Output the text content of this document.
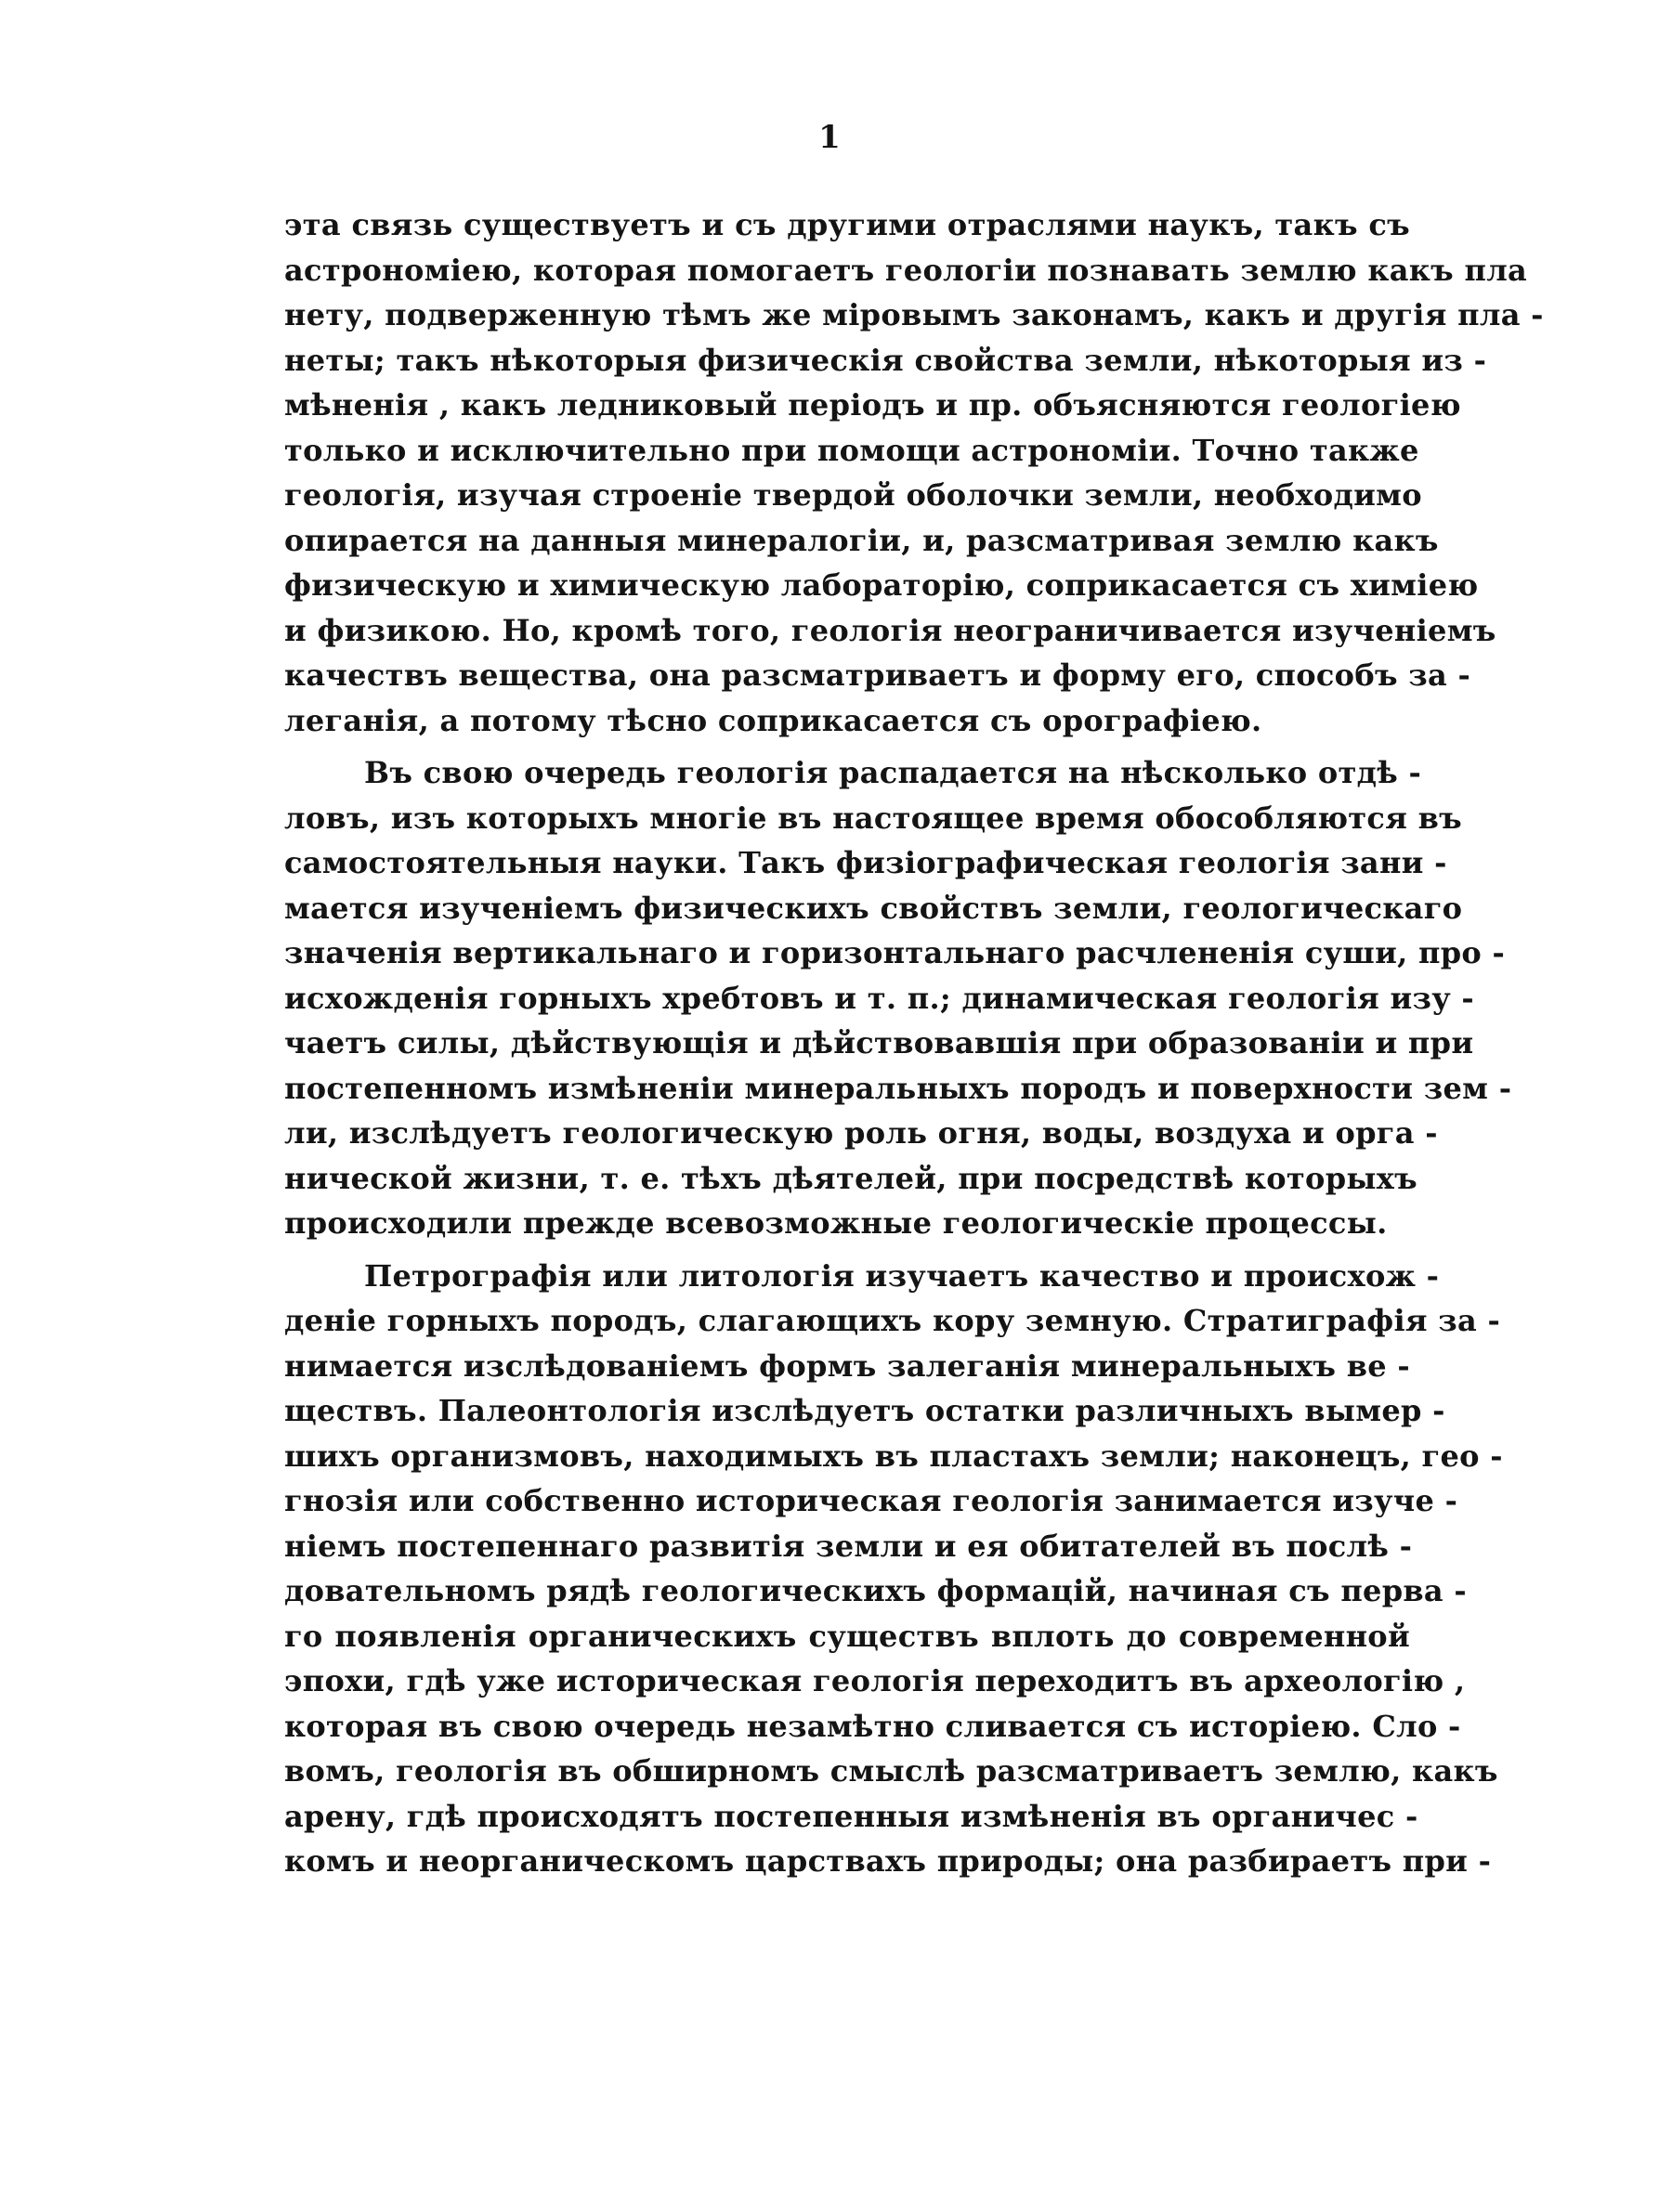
1
эта связь существуетъ и съ другими отраслями наукъ, такъ съ
астрономіею, которая помогаетъ геологіи познавать землю какъ пла
нету, подверженную тѣмъ же міровымъ законамъ, какъ и другія пла -
неты; такъ нѣкоторыя физическія свойства земли, нѣкоторыя из -
мѣненія , какъ ледниковый періодъ и пр. объясняются геологіею
только и исключительно при помощи астрономіи. Точно также
геологія, изучая строеніе твердой оболочки земли, необходимо
опирается на данныя минералогіи, и, разсматривая землю какъ
физическую и химическую лабораторію, соприкасается съ химіею
и физикою. Но, кромѣ того, геологія неограничивается изученіемъ
качествъ вещества, она разсматриваетъ и форму его, способъ за -
леганія, а потому тѣсно соприкасается съ орографіею.
Въ свою очередь геологія распадается на нѣсколько отдѣ -
ловъ, изъ которыхъ многіе въ настоящее время обособляются въ
самостоятельныя науки. Такъ физіографическая геологія зани -
мается изученіемъ физическихъ свойствъ земли, геологическаго
значенія вертикальнаго и горизонтальнаго расчлененія суши, про -
исхожденія горныхъ хребтовъ и т. п.; динамическая геологія изу -
чаетъ силы, дѣйствующія и дѣйствовавшія при образованіи и при
постепенномъ измѣненіи минеральныхъ породъ и поверхности зем -
ли, изслѣдуетъ геологическую роль огня, воды, воздуха и орга -
нической жизни, т. е. тѣхъ дѣятелей, при посредствѣ которыхъ
происходили прежде всевозможные геологическіе процессы.
Петрографія или литологія изучаетъ качество и происхож -
деніе горныхъ породъ, слагающихъ кору земную. Стратиграфія за -
нимается изслѣдованіемъ формъ залеганія минеральныхъ ве -
ществъ. Палеонтологія изслѣдуетъ остатки различныхъ вымер -
шихъ организмовъ, находимыхъ въ пластахъ земли; наконецъ, гео -
гнозія или собственно историческая геологія занимается изуче -
ніемъ постепеннаго развитія земли и ея обитателей въ послѣ -
довательномъ рядѣ геологическихъ формацій, начиная съ перва -
го появленія органическихъ существъ вплоть до современной
эпохи, гдѣ уже историческая геологія переходитъ въ археологію ,
которая въ свою очередь незамѣтно сливается съ исторіею. Сло -
вомъ, геологія въ обширномъ смыслѣ разсматриваетъ землю, какъ
арену, гдѣ происходятъ постепенныя измѣненія въ органичес -
комъ и неорганическомъ царствахъ природы; она разбираетъ при -
